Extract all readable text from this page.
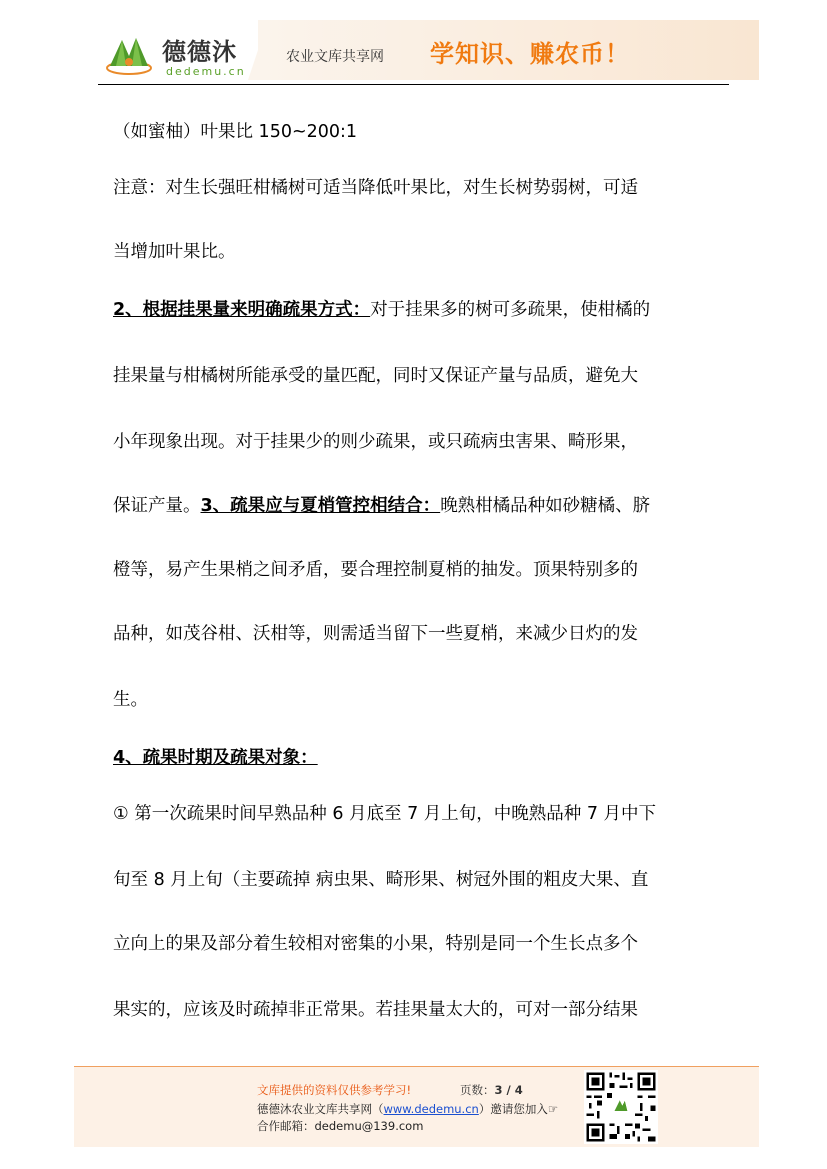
德德沐
dedemu.cn
农业文库共享网 学知识、赚农币！
（如蜜柚）叶果比 150~200:1
注意：对生长强旺柑橘树可适当降低叶果比，对生长树势弱树，可适
当增加叶果比。
2、根据挂果量来明确疏果方式：对于挂果多的树可多疏果，使柑橘的
挂果量与柑橘树所能承受的量匹配，同时又保证产量与品质，避免大
小年现象出现。对于挂果少的则少疏果，或只疏病虫害果、畸形果，
保证产量。3、疏果应与夏梢管控相结合：晚熟柑橘品种如砂糖橘、脐
橙等，易产生果梢之间矛盾，要合理控制夏梢的抽发。顶果特别多的
品种，如茂谷柑、沃柑等，则需适当留下一些夏梢，来减少日灼的发
生。
4、疏果时期及疏果对象：
① 第一次疏果时间早熟品种 6 月底至 7 月上旬，中晚熟品种 7 月中下
旬至 8 月上旬（主要疏掉 病虫果、畸形果、树冠外围的粗皮大果、直
立向上的果及部分着生较相对密集的小果，特别是同一个生长点多个
果实的，应该及时疏掉非正常果。若挂果量太大的，可对一部分结果
文库提供的资料仅供参考学习!	页数：3 / 4
德德沐农业文库共享网（www.dedemu.cn）邀请您加入☞
合作邮箱：dedemu@139.com
